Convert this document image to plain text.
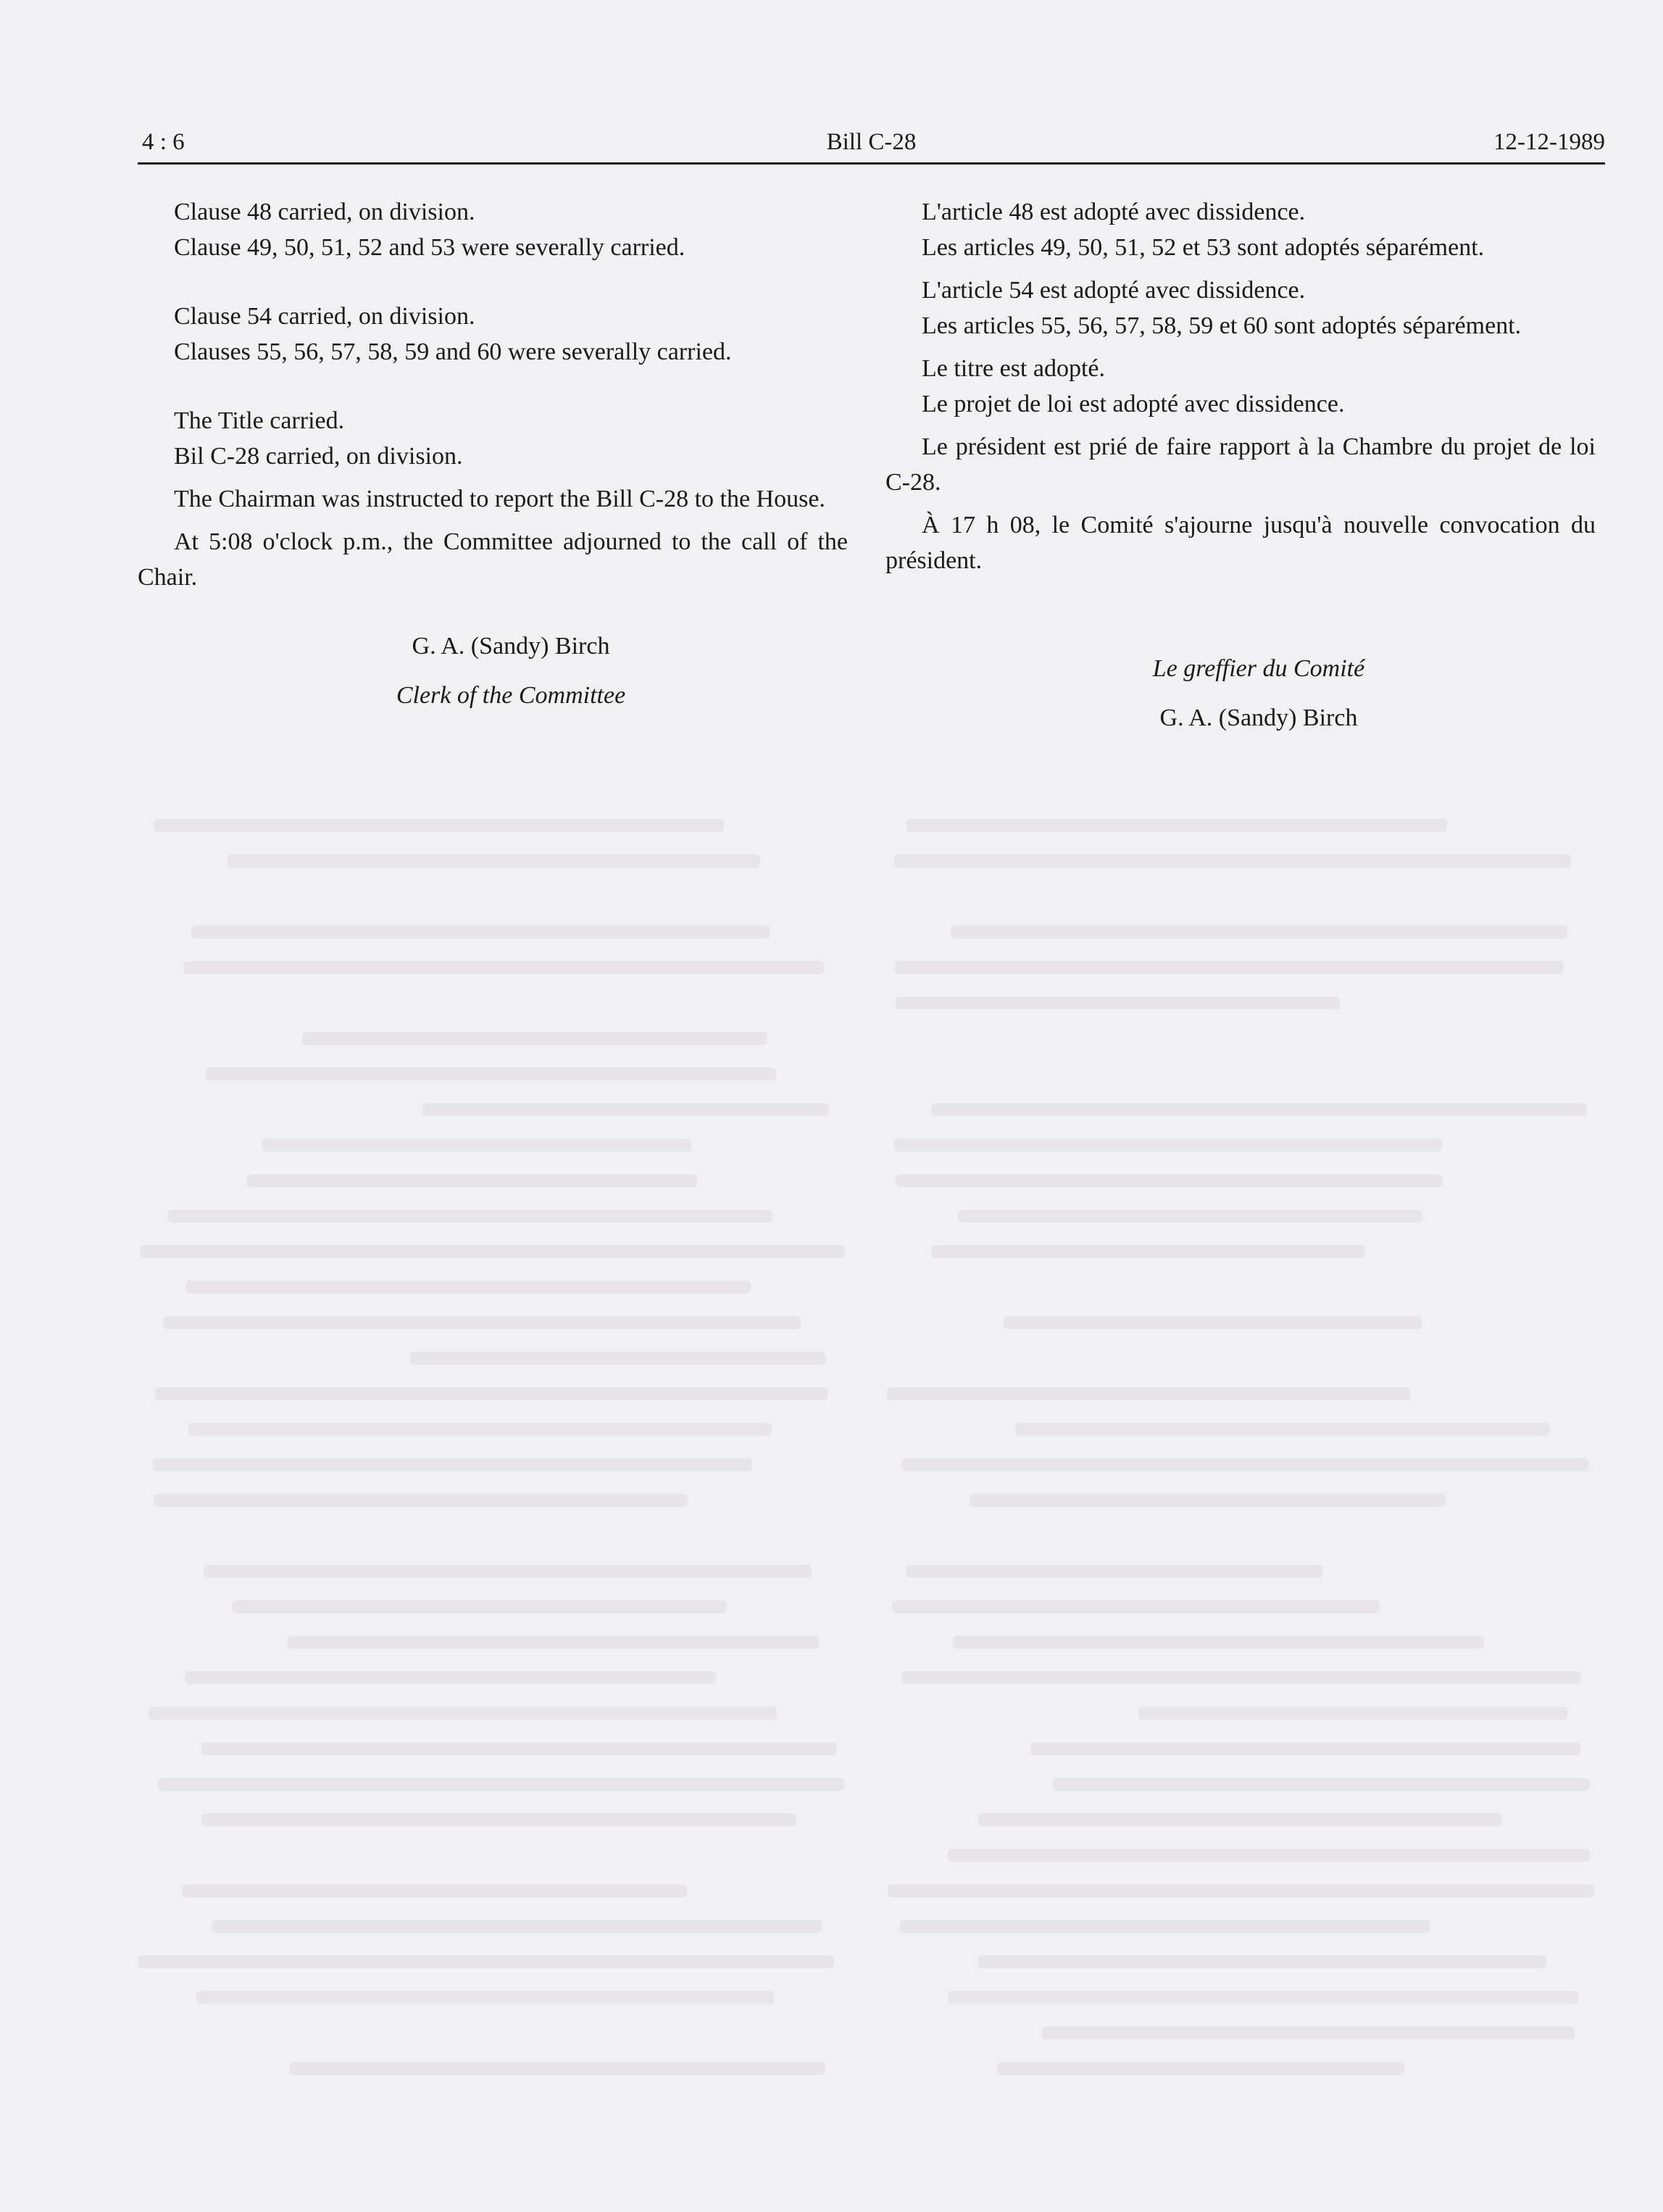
4 : 6	Bill C-28	12-12-1989

Clause 48 carried, on division.

Clause 49, 50, 51, 52 and 53 were severally carried.

Clause 54 carried, on division.

Clauses 55, 56, 57, 58, 59 and 60 were severally carried.

The Title carried.

Bil C-28 carried, on division.

The Chairman was instructed to report the Bill C-28 to the House.

At 5:08 o'clock p.m., the Committee adjourned to the call of the Chair.

G. A. (Sandy) Birch

Clerk of the Committee

L'article 48 est adopté avec dissidence.

Les articles 49, 50, 51, 52 et 53 sont adoptés séparément.

L'article 54 est adopté avec dissidence.

Les articles 55, 56, 57, 58, 59 et 60 sont adoptés séparément.

Le titre est adopté.

Le projet de loi est adopté avec dissidence.

Le président est prié de faire rapport à la Chambre du projet de loi C-28.

À 17 h 08, le Comité s'ajourne jusqu'à nouvelle convocation du président.

Le greffier du Comité

G. A. (Sandy) Birch
